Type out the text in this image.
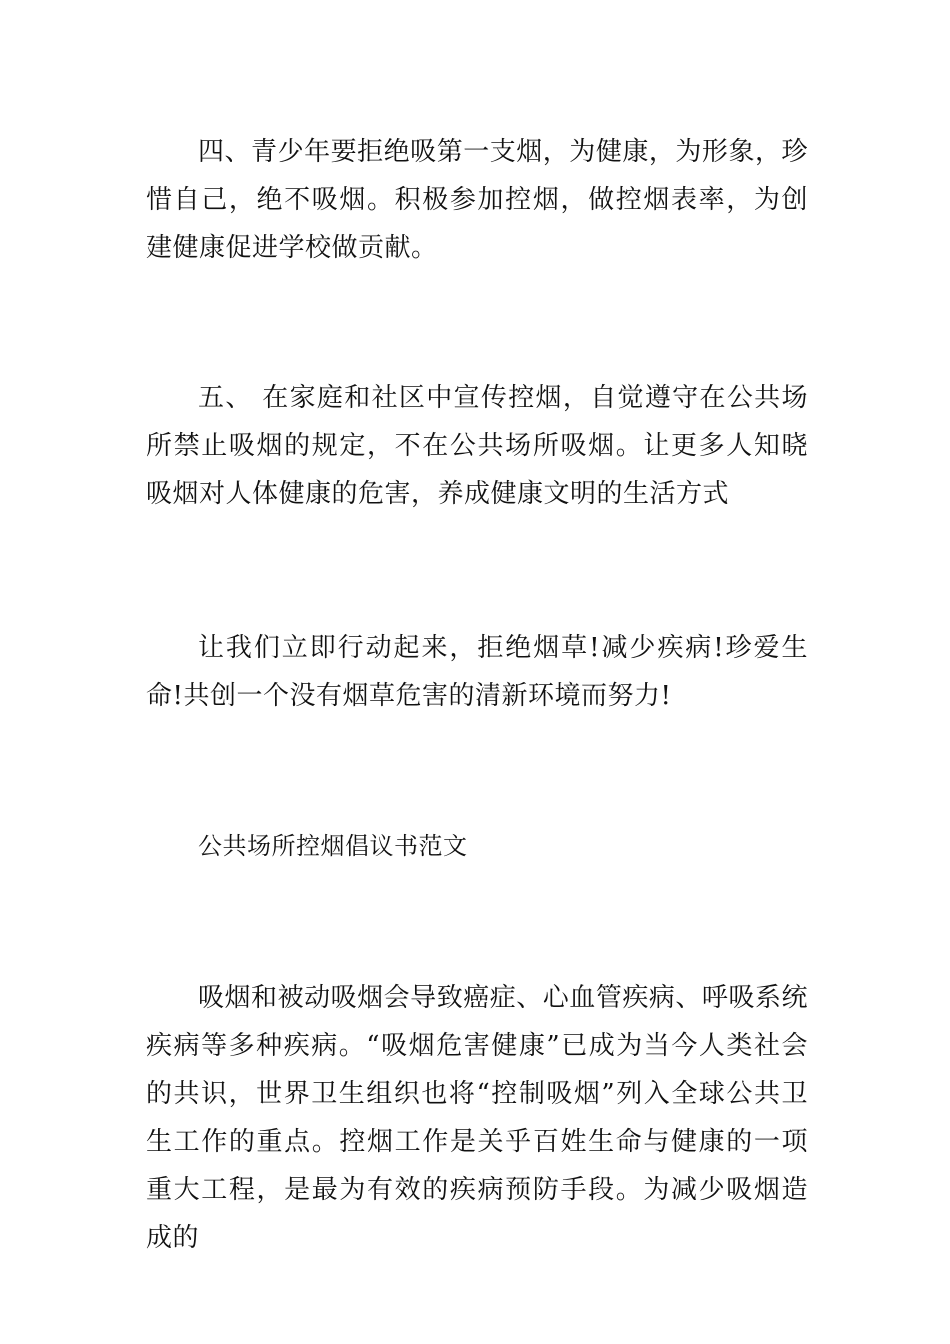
四、青少年要拒绝吸第一支烟，为健康，为形象，珍惜自己，绝不吸烟。积极参加控烟，做控烟表率，为创建健康促进学校做贡献。

五、 在家庭和社区中宣传控烟，自觉遵守在公共场所禁止吸烟的规定，不在公共场所吸烟。让更多人知晓吸烟对人体健康的危害，养成健康文明的生活方式

让我们立即行动起来，拒绝烟草!减少疾病!珍爱生命!共创一个没有烟草危害的清新环境而努力!

公共场所控烟倡议书范文

吸烟和被动吸烟会导致癌症、心血管疾病、呼吸系统疾病等多种疾病。“吸烟危害健康”已成为当今人类社会的共识，世界卫生组织也将“控制吸烟”列入全球公共卫生工作的重点。控烟工作是关乎百姓生命与健康的一项重大工程，是最为有效的疾病预防手段。为减少吸烟造成的
